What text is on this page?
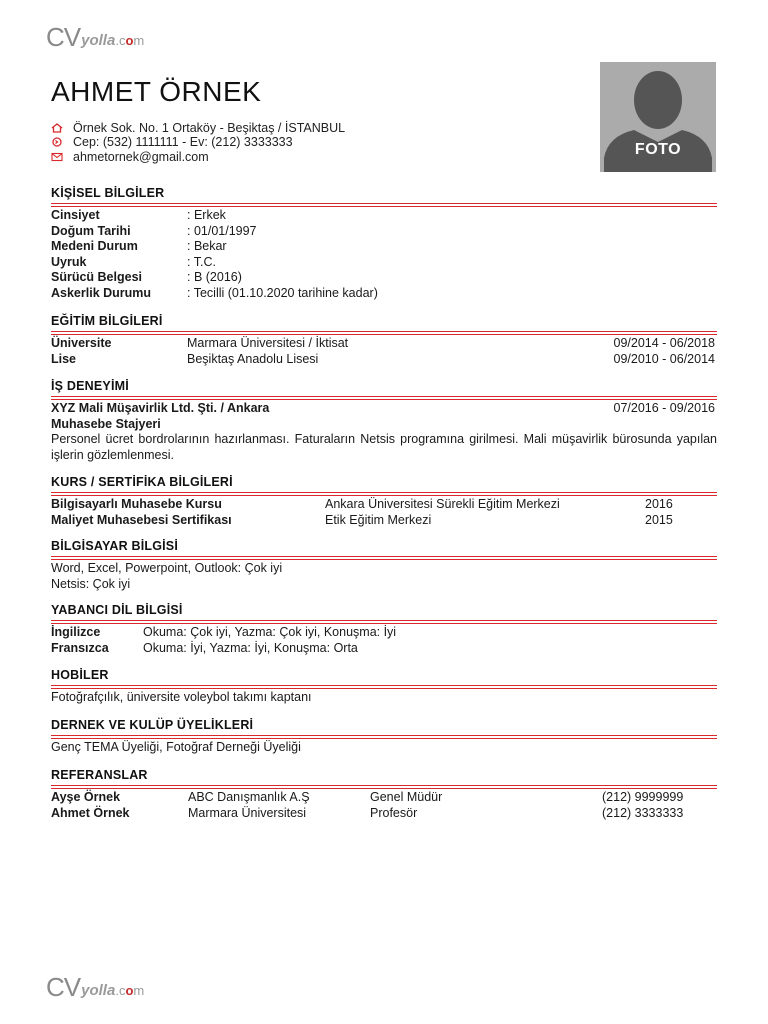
CV yolla .com
AHMET ÖRNEK
Örnek Sok. No. 1 Ortaköy - Beşiktaş / İSTANBUL
Cep: (532) 1111111 - Ev: (212) 3333333
ahmetornek@gmail.com	FOTO
KİŞİSEL BİLGİLER
Cinsiyet	: Erkek
Doğum Tarihi	: 01/01/1997
Medeni Durum	: Bekar
Uyruk	: T.C.
Sürücü Belgesi	: B (2016)
Askerlik Durumu	: Tecilli (01.10.2020 tarihine kadar)
EĞİTİM BİLGİLERİ
Üniversite	Marmara Üniversitesi / İktisat	09/2014 - 06/2018
Lise	Beşiktaş Anadolu Lisesi	09/2010 - 06/2014
İŞ DENEYİMİ
XYZ Mali Müşavirlik Ltd. Şti. / Ankara	07/2016 - 09/2016
Muhasebe Stajyeri
Personel ücret bordrolarının hazırlanması. Faturaların Netsis programına girilmesi. Mali müşavirlik bürosunda yapılan işlerin gözlemlenmesi.
KURS / SERTİFİKA BİLGİLERİ
Bilgisayarlı Muhasebe Kursu	Ankara Üniversitesi Sürekli Eğitim Merkezi	2016
Maliyet Muhasebesi Sertifikası	Etik Eğitim Merkezi	2015
BİLGİSAYAR BİLGİSİ
Word, Excel, Powerpoint, Outlook: Çok iyi
Netsis: Çok iyi
YABANCI DİL BİLGİSİ
İngilizce	Okuma: Çok iyi, Yazma: Çok iyi, Konuşma: İyi
Fransızca	Okuma: İyi, Yazma: İyi, Konuşma: Orta
HOBİLER
Fotoğrafçılık, üniversite voleybol takımı kaptanı
DERNEK VE KULÜP ÜYELİKLERİ
Genç TEMA Üyeliği, Fotoğraf Derneği Üyeliği
REFERANSLAR
Ayşe Örnek	ABC Danışmanlık A.Ş	Genel Müdür	(212) 9999999
Ahmet Örnek	Marmara Üniversitesi	Profesör	(212) 3333333
CV yolla .com
